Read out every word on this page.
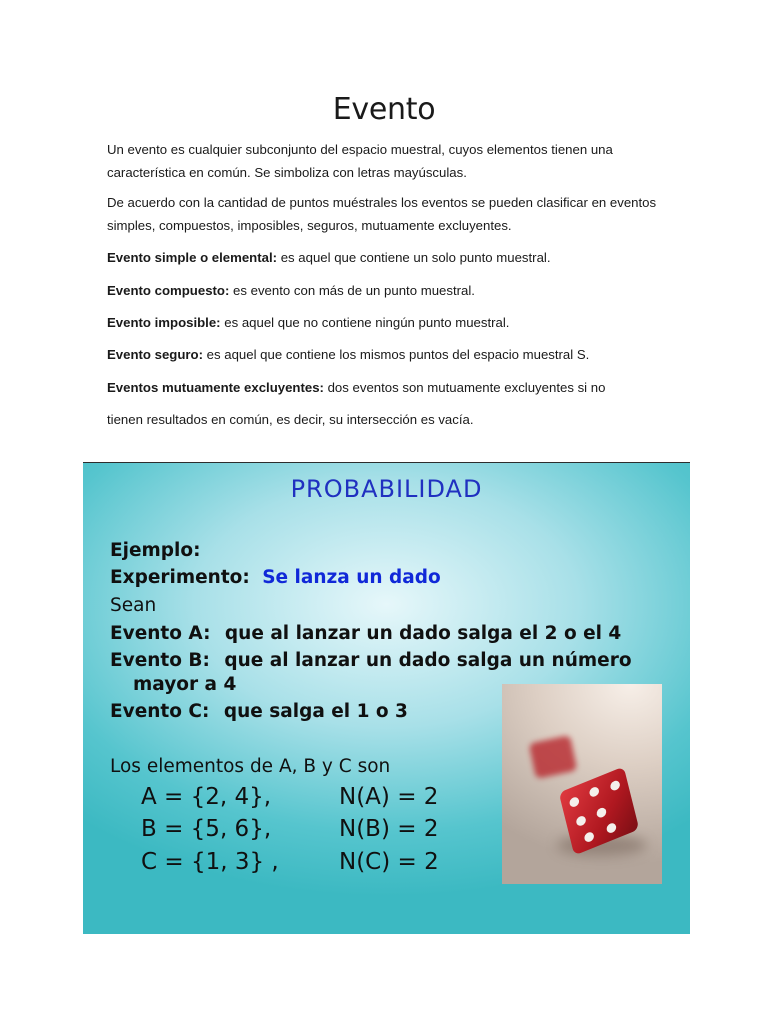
Evento

Un evento es cualquier subconjunto del espacio muestral, cuyos elementos tienen una característica en común. Se simboliza con letras mayúsculas.

De acuerdo con la cantidad de puntos muéstrales los eventos se pueden clasificar en eventos simples, compuestos, imposibles, seguros, mutuamente excluyentes.

Evento simple o elemental: es aquel que contiene un solo punto muestral.

Evento compuesto: es evento con más de un punto muestral.

Evento imposible: es aquel que no contiene ningún punto muestral.

Evento seguro: es aquel que contiene los mismos puntos del espacio muestral S.

Eventos mutuamente excluyentes: dos eventos son mutuamente excluyentes si no

tienen resultados en común, es decir, su intersección es vacía.

PROBABILIDAD
Ejemplo:
Experimento: Se lanza un dado
Sean
Evento A: que al lanzar un dado salga el 2 o el 4
Evento B: que al lanzar un dado salga un número
mayor a 4
Evento C: que salga el 1 o 3
Los elementos de A, B y C son
A = {2, 4},
B = {5, 6},
C = {1, 3} ,
N(A) = 2
N(B) = 2
N(C) = 2
